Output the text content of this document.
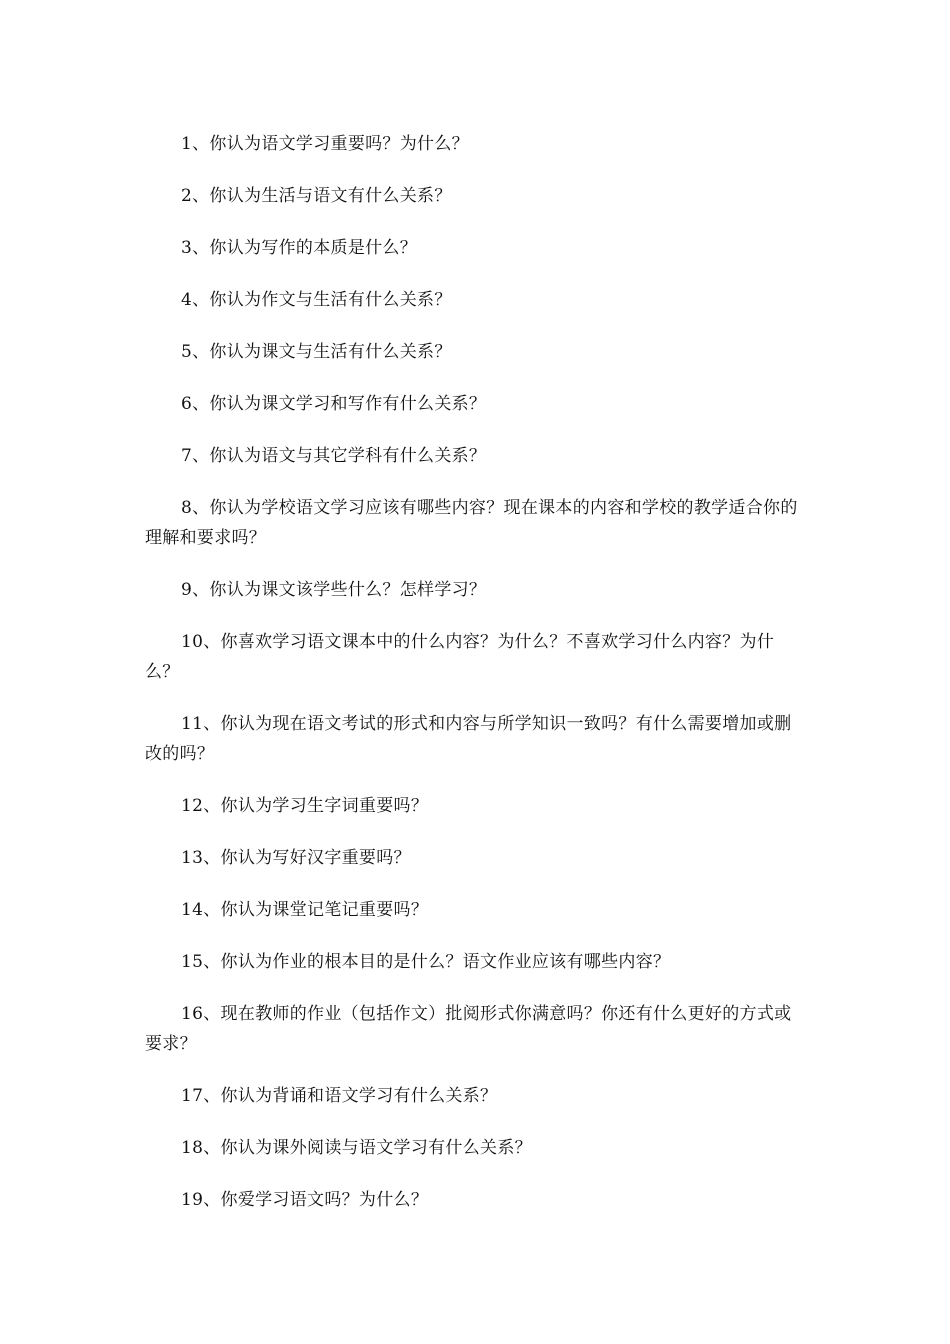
1、你认为语文学习重要吗？为什么？

2、你认为生活与语文有什么关系？

3、你认为写作的本质是什么？

4、你认为作文与生活有什么关系？

5、你认为课文与生活有什么关系？

6、你认为课文学习和写作有什么关系？

7、你认为语文与其它学科有什么关系？

8、你认为学校语文学习应该有哪些内容？现在课本的内容和学校的教学适合你的理解和要求吗？

9、你认为课文该学些什么？怎样学习？

10、你喜欢学习语文课本中的什么内容？为什么？不喜欢学习什么内容？为什么？

11、你认为现在语文考试的形式和内容与所学知识一致吗？有什么需要增加或删改的吗？

12、你认为学习生字词重要吗？

13、你认为写好汉字重要吗？

14、你认为课堂记笔记重要吗？

15、你认为作业的根本目的是什么？语文作业应该有哪些内容？

16、现在教师的作业（包括作文）批阅形式你满意吗？你还有什么更好的方式或要求？

17、你认为背诵和语文学习有什么关系？

18、你认为课外阅读与语文学习有什么关系？

19、你爱学习语文吗？为什么？
